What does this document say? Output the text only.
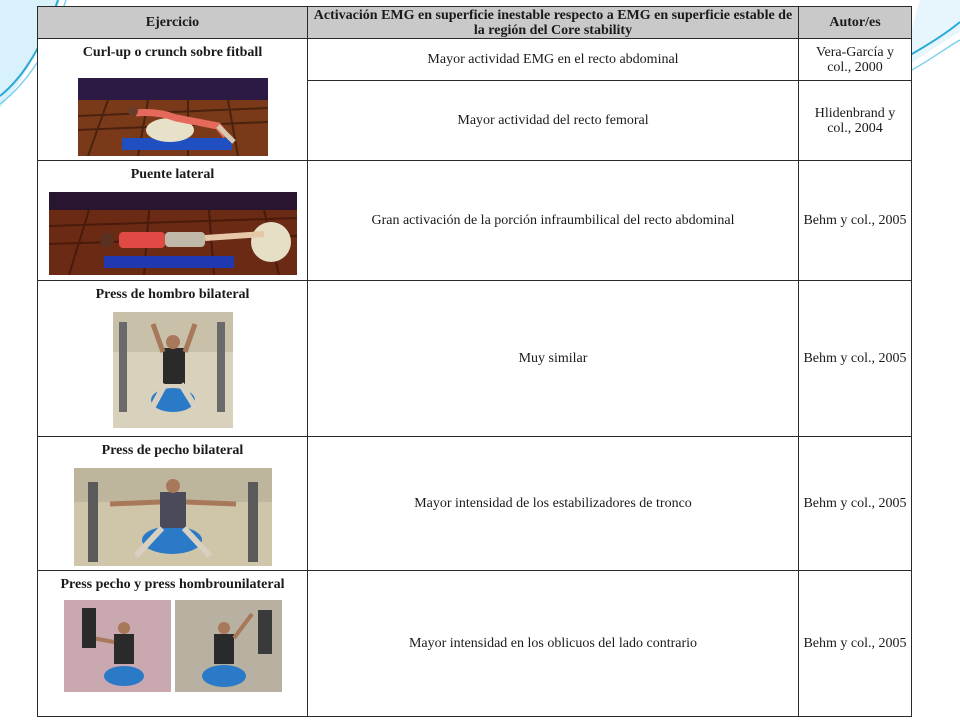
Ejercicio	Activación EMG en superficie inestable respecto a EMG en superficie estable de la región del Core stability	Autor/es

Curl-up o crunch sobre fitball	Mayor actividad EMG en el recto abdominal	Vera-García y col., 2000
	Mayor actividad del recto femoral	Hlidenbrand y col., 2004

Puente lateral	Gran activación de la porción infraumbilical del recto abdominal	Behm y col., 2005

Press de hombro bilateral	Muy similar	Behm y col., 2005

Press de pecho bilateral	Mayor intensidad de los estabilizadores de tronco	Behm y col., 2005

Press pecho y press hombrounilateral	Mayor intensidad en los oblicuos del lado contrario	Behm y col., 2005
